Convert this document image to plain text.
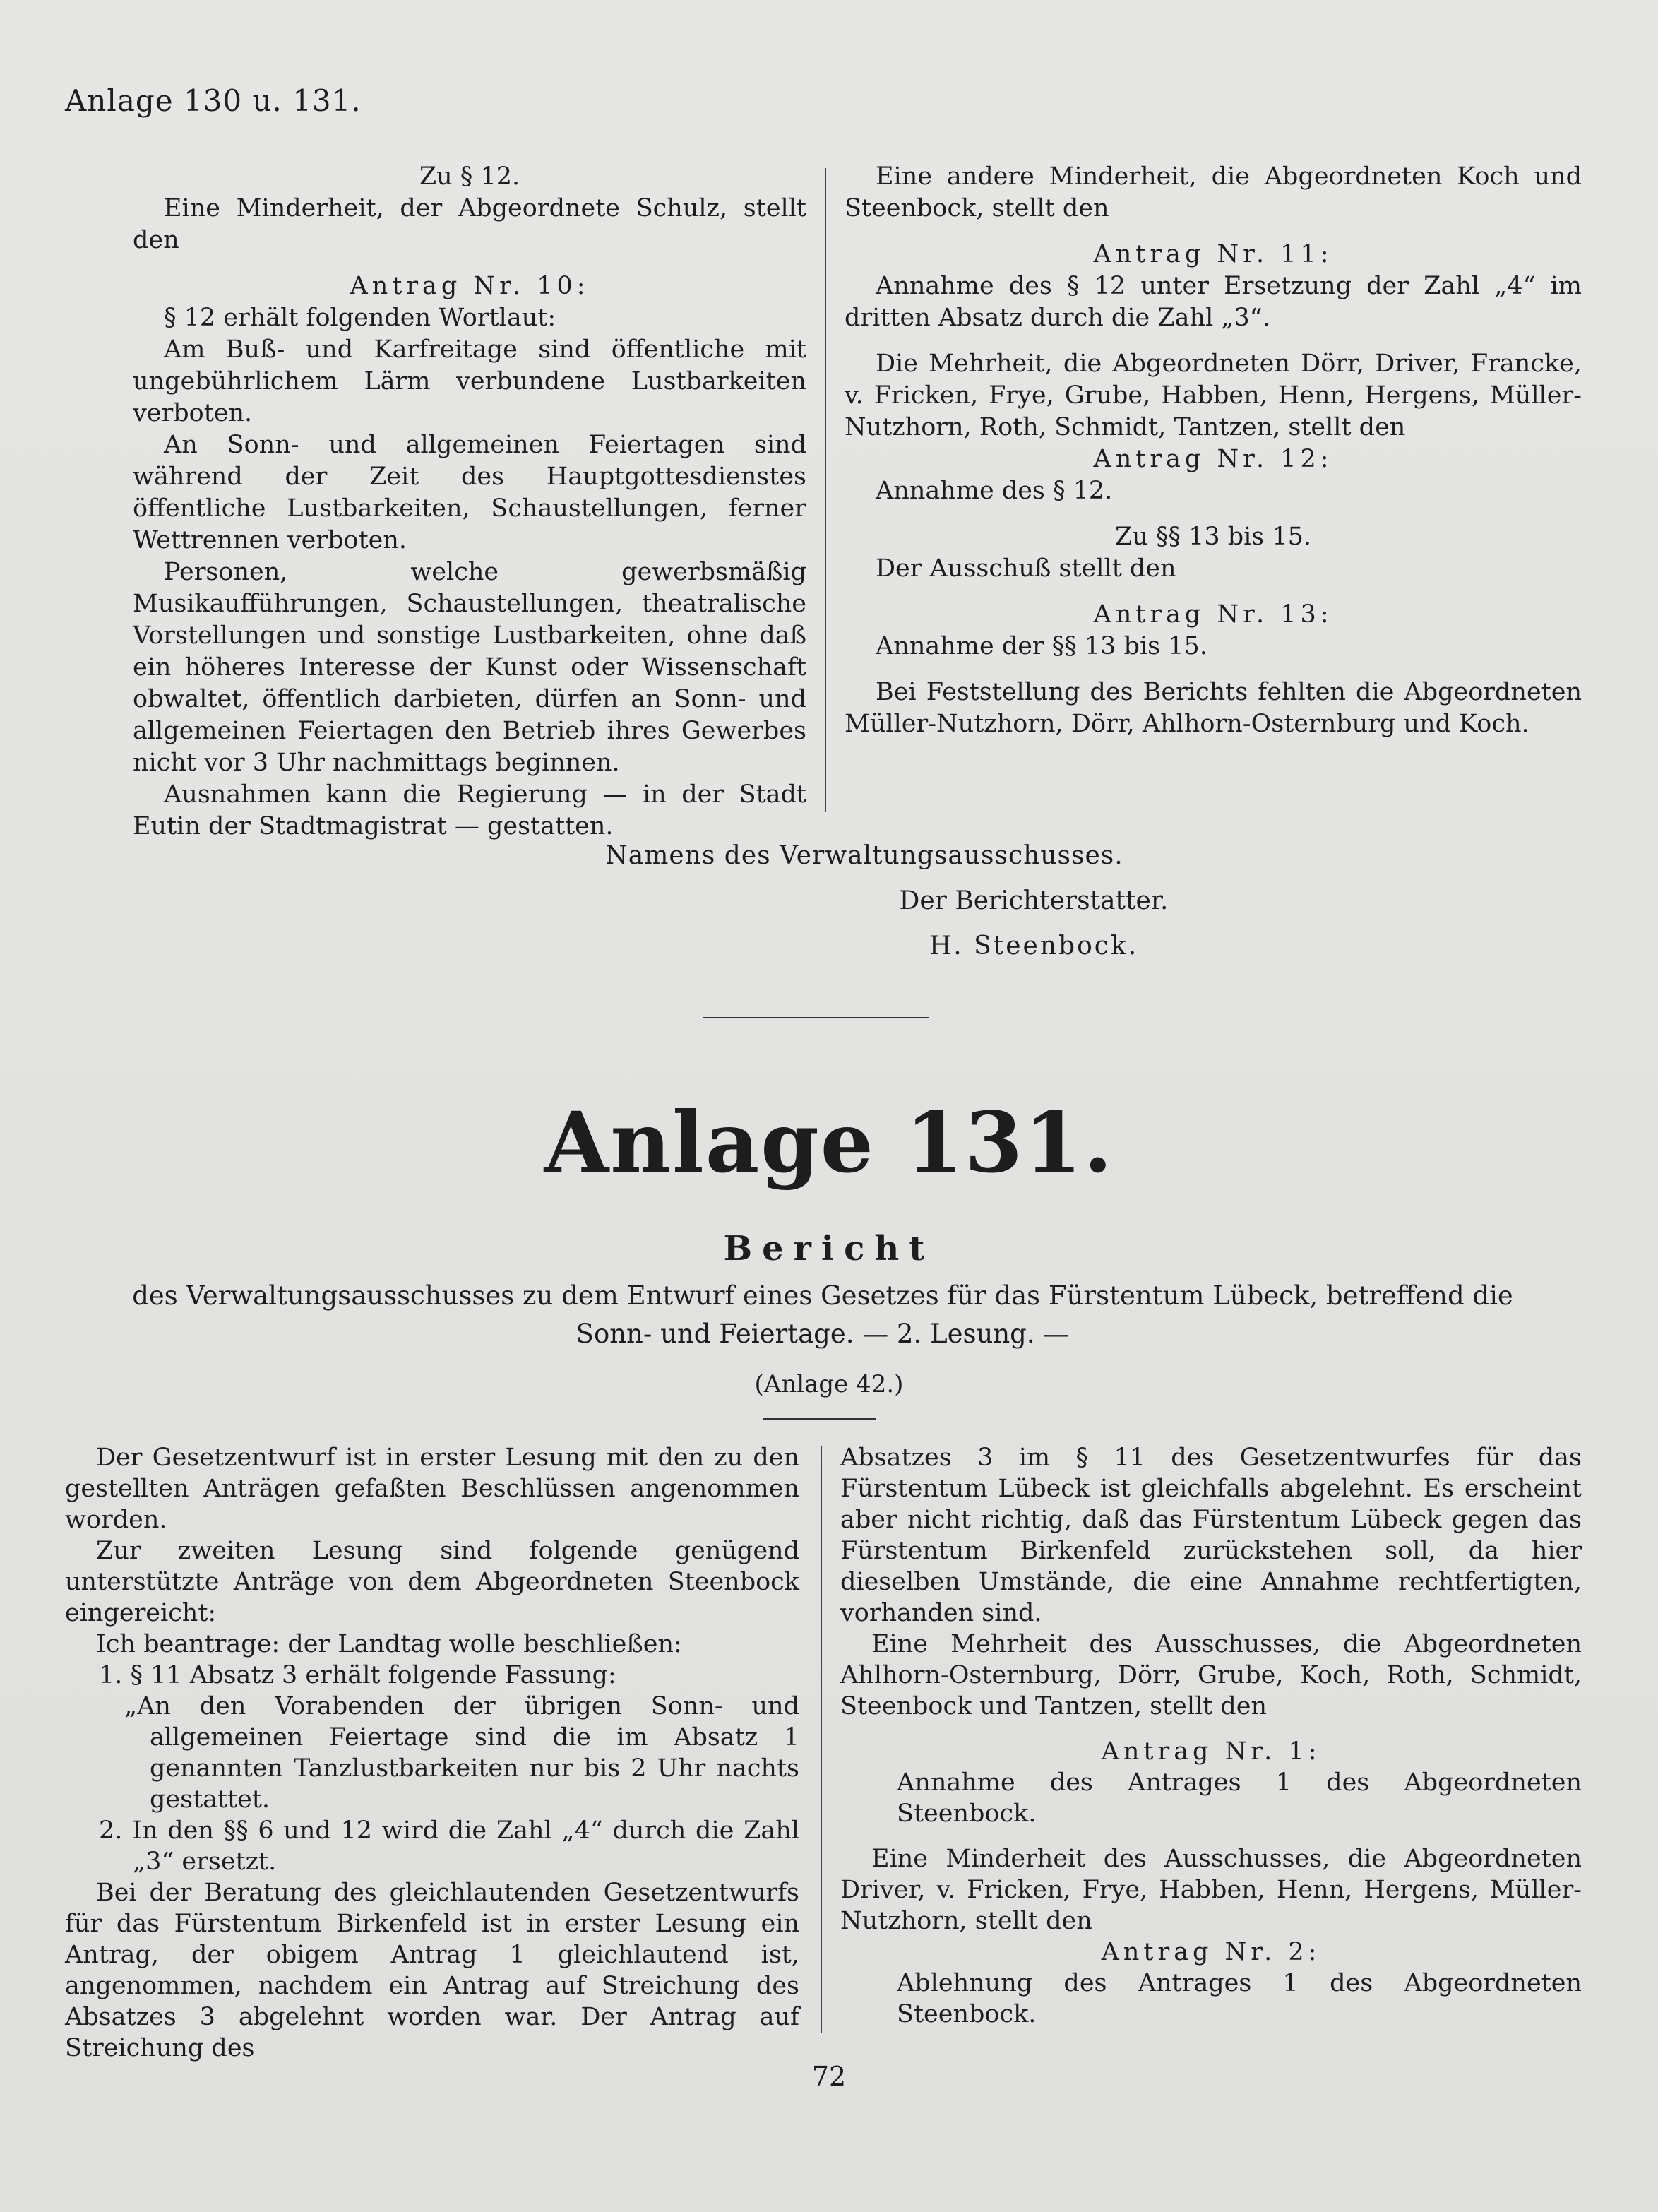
Anlage 130 u. 131.

Zu § 12.

Eine Minderheit, der Abgeordnete Schulz, stellt den

Antrag Nr. 10:

§ 12 erhält folgenden Wortlaut:

Am Buß- und Karfreitage sind öffentliche mit ungebührlichem Lärm verbundene Lustbarkeiten verboten.

An Sonn- und allgemeinen Feiertagen sind während der Zeit des Hauptgottesdienstes öffentliche Lustbarkeiten, Schaustellungen, ferner Wettrennen verboten.

Personen, welche gewerbsmäßig Musikaufführungen, Schaustellungen, theatralische Vorstellungen und sonstige Lustbarkeiten, ohne daß ein höheres Interesse der Kunst oder Wissenschaft obwaltet, öffentlich darbieten, dürfen an Sonn- und allgemeinen Feiertagen den Betrieb ihres Gewerbes nicht vor 3 Uhr nachmittags beginnen.

Ausnahmen kann die Regierung — in der Stadt Eutin der Stadtmagistrat — gestatten.

Eine andere Minderheit, die Abgeordneten Koch und Steenbock, stellt den

Antrag Nr. 11:

Annahme des § 12 unter Ersetzung der Zahl „4“ im dritten Absatz durch die Zahl „3“.

Die Mehrheit, die Abgeordneten Dörr, Driver, Francke, v. Fricken, Frye, Grube, Habben, Henn, Hergens, Müller-Nutzhorn, Roth, Schmidt, Tantzen, stellt den

Antrag Nr. 12:

Annahme des § 12.

Zu §§ 13 bis 15.

Der Ausschuß stellt den

Antrag Nr. 13:

Annahme der §§ 13 bis 15.

Bei Feststellung des Berichts fehlten die Abgeordneten Müller-Nutzhorn, Dörr, Ahlhorn-Osternburg und Koch.

Namens des Verwaltungsausschusses.
Der Berichterstatter.
H. Steenbock.
Anlage 131.
Bericht
des Verwaltungsausschusses zu dem Entwurf eines Gesetzes für das Fürstentum Lübeck, betreffend die
Sonn- und Feiertage. — 2. Lesung. —
(Anlage 42.)

Der Gesetzentwurf ist in erster Lesung mit den zu den gestellten Anträgen gefaßten Beschlüssen angenommen worden.

Zur zweiten Lesung sind folgende genügend unterstützte Anträge von dem Abgeordneten Steenbock eingereicht:

Ich beantrage: der Landtag wolle beschließen:

1. § 11 Absatz 3 erhält folgende Fassung:

„An den Vorabenden der übrigen Sonn- und allgemeinen Feiertage sind die im Absatz 1 genannten Tanzlustbarkeiten nur bis 2 Uhr nachts gestattet.

2. In den §§ 6 und 12 wird die Zahl „4“ durch die Zahl „3“ ersetzt.

Bei der Beratung des gleichlautenden Gesetzentwurfs für das Fürstentum Birkenfeld ist in erster Lesung ein Antrag, der obigem Antrag 1 gleichlautend ist, angenommen, nachdem ein Antrag auf Streichung des Absatzes 3 abgelehnt worden war. Der Antrag auf Streichung des

Absatzes 3 im § 11 des Gesetzentwurfes für das Fürstentum Lübeck ist gleichfalls abgelehnt. Es erscheint aber nicht richtig, daß das Fürstentum Lübeck gegen das Fürstentum Birkenfeld zurückstehen soll, da hier dieselben Umstände, die eine Annahme rechtfertigten, vorhanden sind.

Eine Mehrheit des Ausschusses, die Abgeordneten Ahlhorn-Osternburg, Dörr, Grube, Koch, Roth, Schmidt, Steenbock und Tantzen, stellt den

Antrag Nr. 1:

Annahme des Antrages 1 des Abgeordneten Steenbock.

Eine Minderheit des Ausschusses, die Abgeordneten Driver, v. Fricken, Frye, Habben, Henn, Hergens, Müller-Nutzhorn, stellt den

Antrag Nr. 2:

Ablehnung des Antrages 1 des Abgeordneten Steenbock.

72
